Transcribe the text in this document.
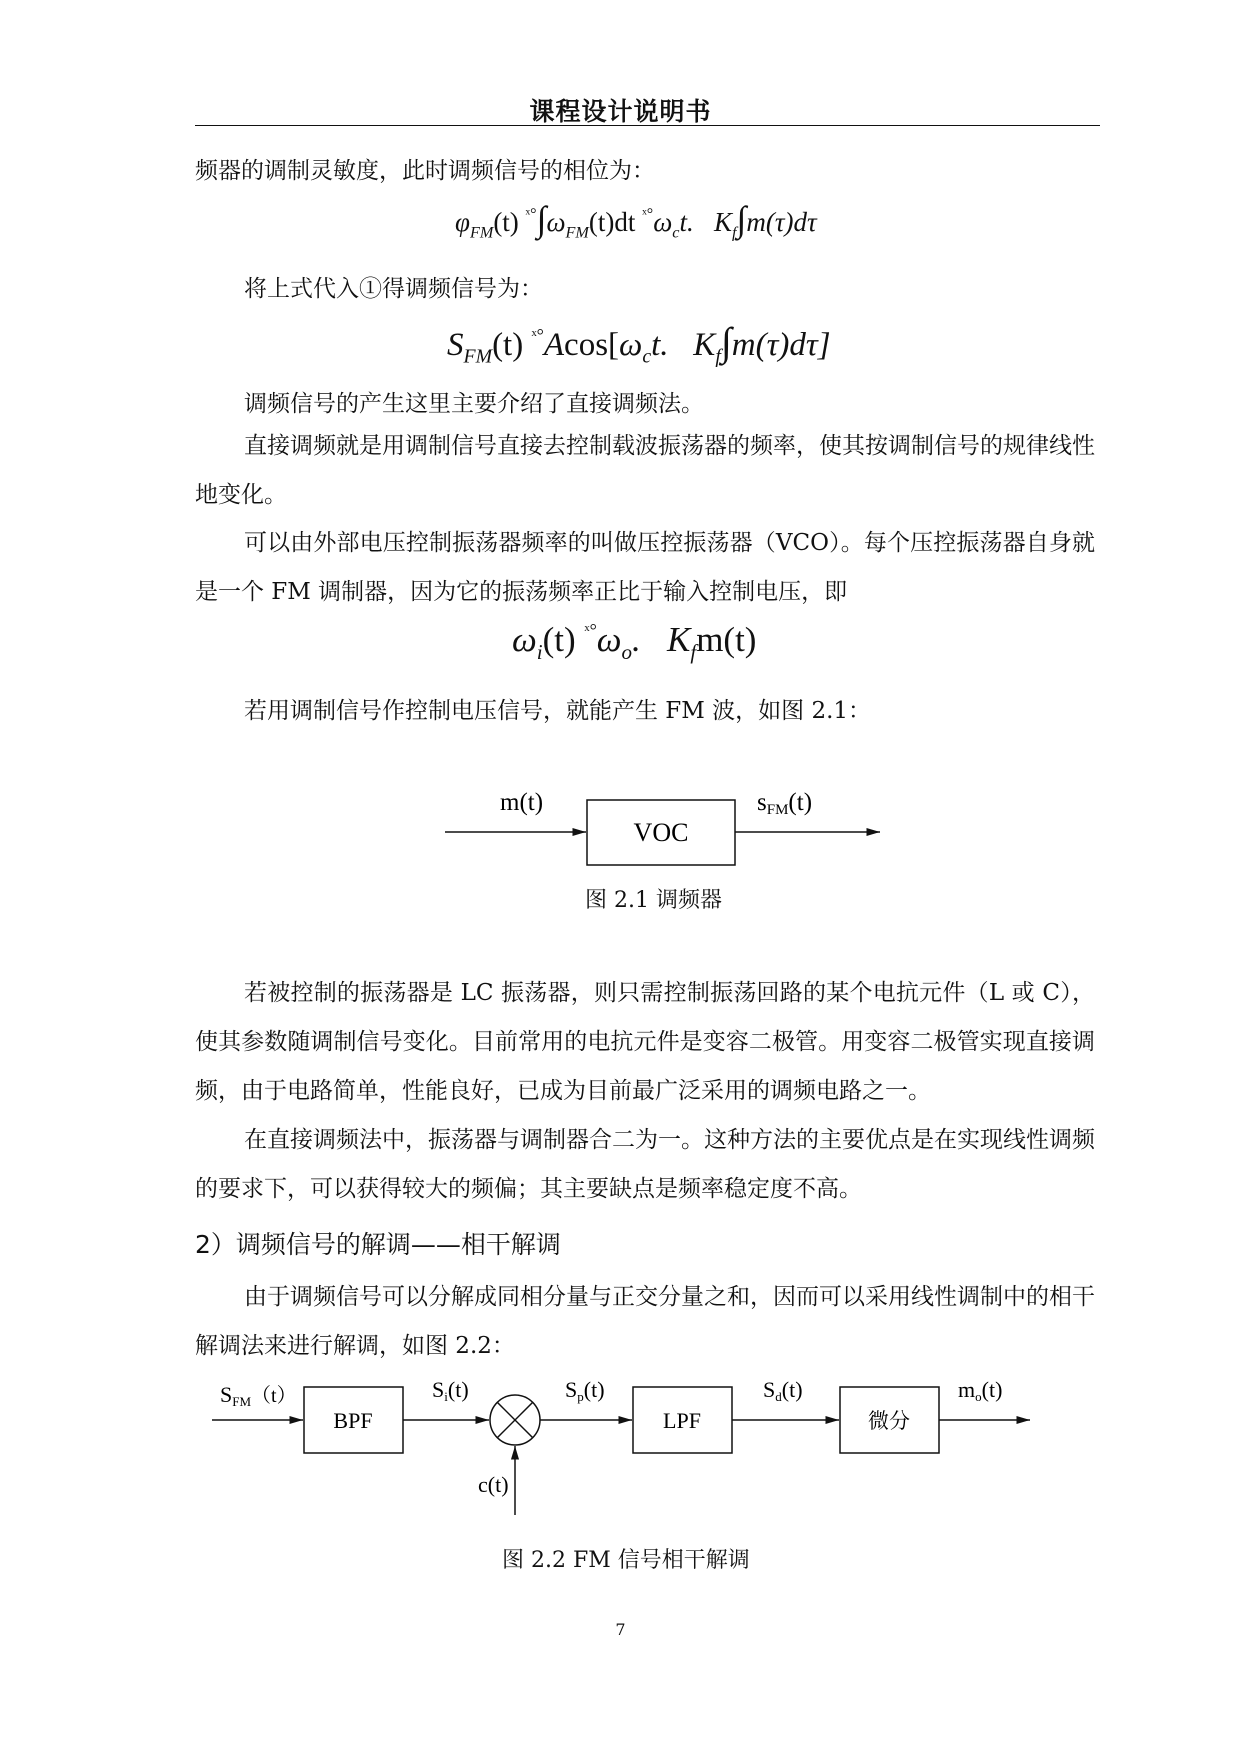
课程设计说明书
频器的调制灵敏度，此时调频信号的相位为：
$\varphi_{FM}(t)$ $^{ˣ^\circ}\int\omega_{FM}(t)dt$ $^{ˣ^\circ}\omega_ct$. $K_f\int m(\tau)d\tau$
将上式代入①得调频信号为：
$S_{FM}(t)$ $^{ˣ^\circ}Acos[\omega_ct$. $K_f\int m(\tau)d\tau$]
调频信号的产生这里主要介绍了直接调频法。
直接调频就是用调制信号直接去控制载波振荡器的频率，使其按调制信号的规律线性地变化。
可以由外部电压控制振荡器频率的叫做压控振荡器（VCO）。每个压控振荡器自身就是一个 FM 调制器，因为它的振荡频率正比于输入控制电压，即
$\omega_i(t)$ $^{ˣ^\circ}\omega_o$. $K_fm(t)$
若用调制信号作控制电压信号，就能产生 FM 波，如图 2.1：
m(t)
VOC
sFM(t)
图 2.1 调频器
若被控制的振荡器是 LC 振荡器，则只需控制振荡回路的某个电抗元件（L 或 C），使其参数随调制信号变化。目前常用的电抗元件是变容二极管。用变容二极管实现直接调频，由于电路简单，性能良好，已成为目前最广泛采用的调频电路之一。
在直接调频法中，振荡器与调制器合二为一。这种方法的主要优点是在实现线性调频的要求下，可以获得较大的频偏；其主要缺点是频率稳定度不高。
2）调频信号的解调——相干解调
由于调频信号可以分解成同相分量与正交分量之和，因而可以采用线性调制中的相干解调法来进行解调，如图 2.2：
SFM（t）
BPF
Si(t)	Sp(t)
LPF
Sd(t)
微分
mo(t)
c(t)
图 2.2 FM 信号相干解调
7
